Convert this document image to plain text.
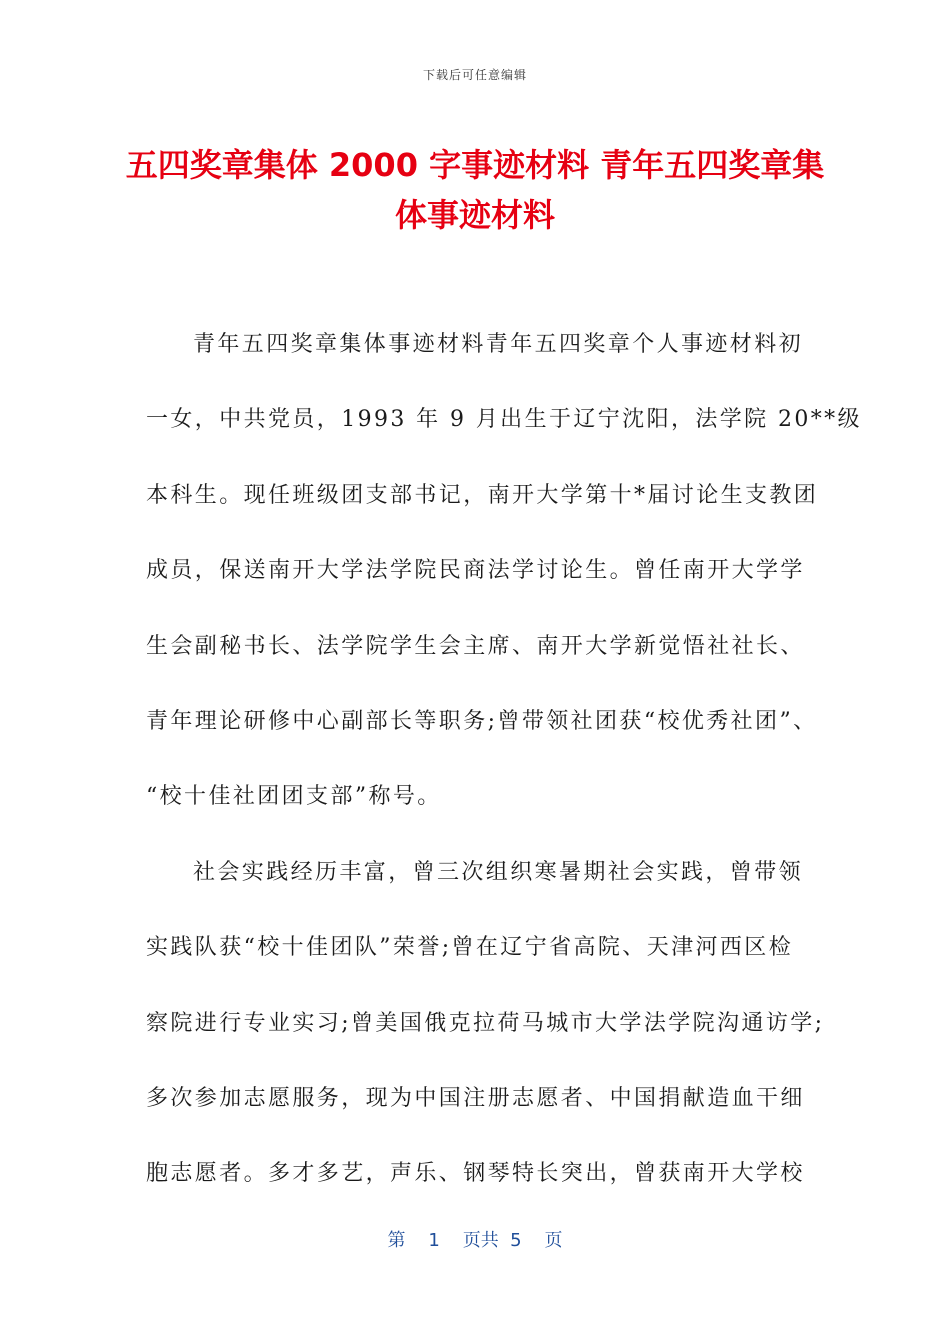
下载后可任意编辑
五四奖章集体 2000 字事迹材料 青年五四奖章集体事迹材料
青年五四奖章集体事迹材料青年五四奖章个人事迹材料初
一女，中共党员，1993 年 9 月出生于辽宁沈阳，法学院 20**级
本科生。现任班级团支部书记，南开大学第十*届讨论生支教团
成员，保送南开大学法学院民商法学讨论生。曾任南开大学学
生会副秘书长、法学院学生会主席、南开大学新觉悟社社长、
青年理论研修中心副部长等职务;曾带领社团获“校优秀社团”、
“校十佳社团团支部”称号。
社会实践经历丰富，曾三次组织寒暑期社会实践，曾带领
实践队获“校十佳团队”荣誉;曾在辽宁省高院、天津河西区检
察院进行专业实习;曾美国俄克拉荷马城市大学法学院沟通访学;
多次参加志愿服务，现为中国注册志愿者、中国捐献造血干细
胞志愿者。多才多艺，声乐、钢琴特长突出，曾获南开大学校
第 1 页共 5 页
